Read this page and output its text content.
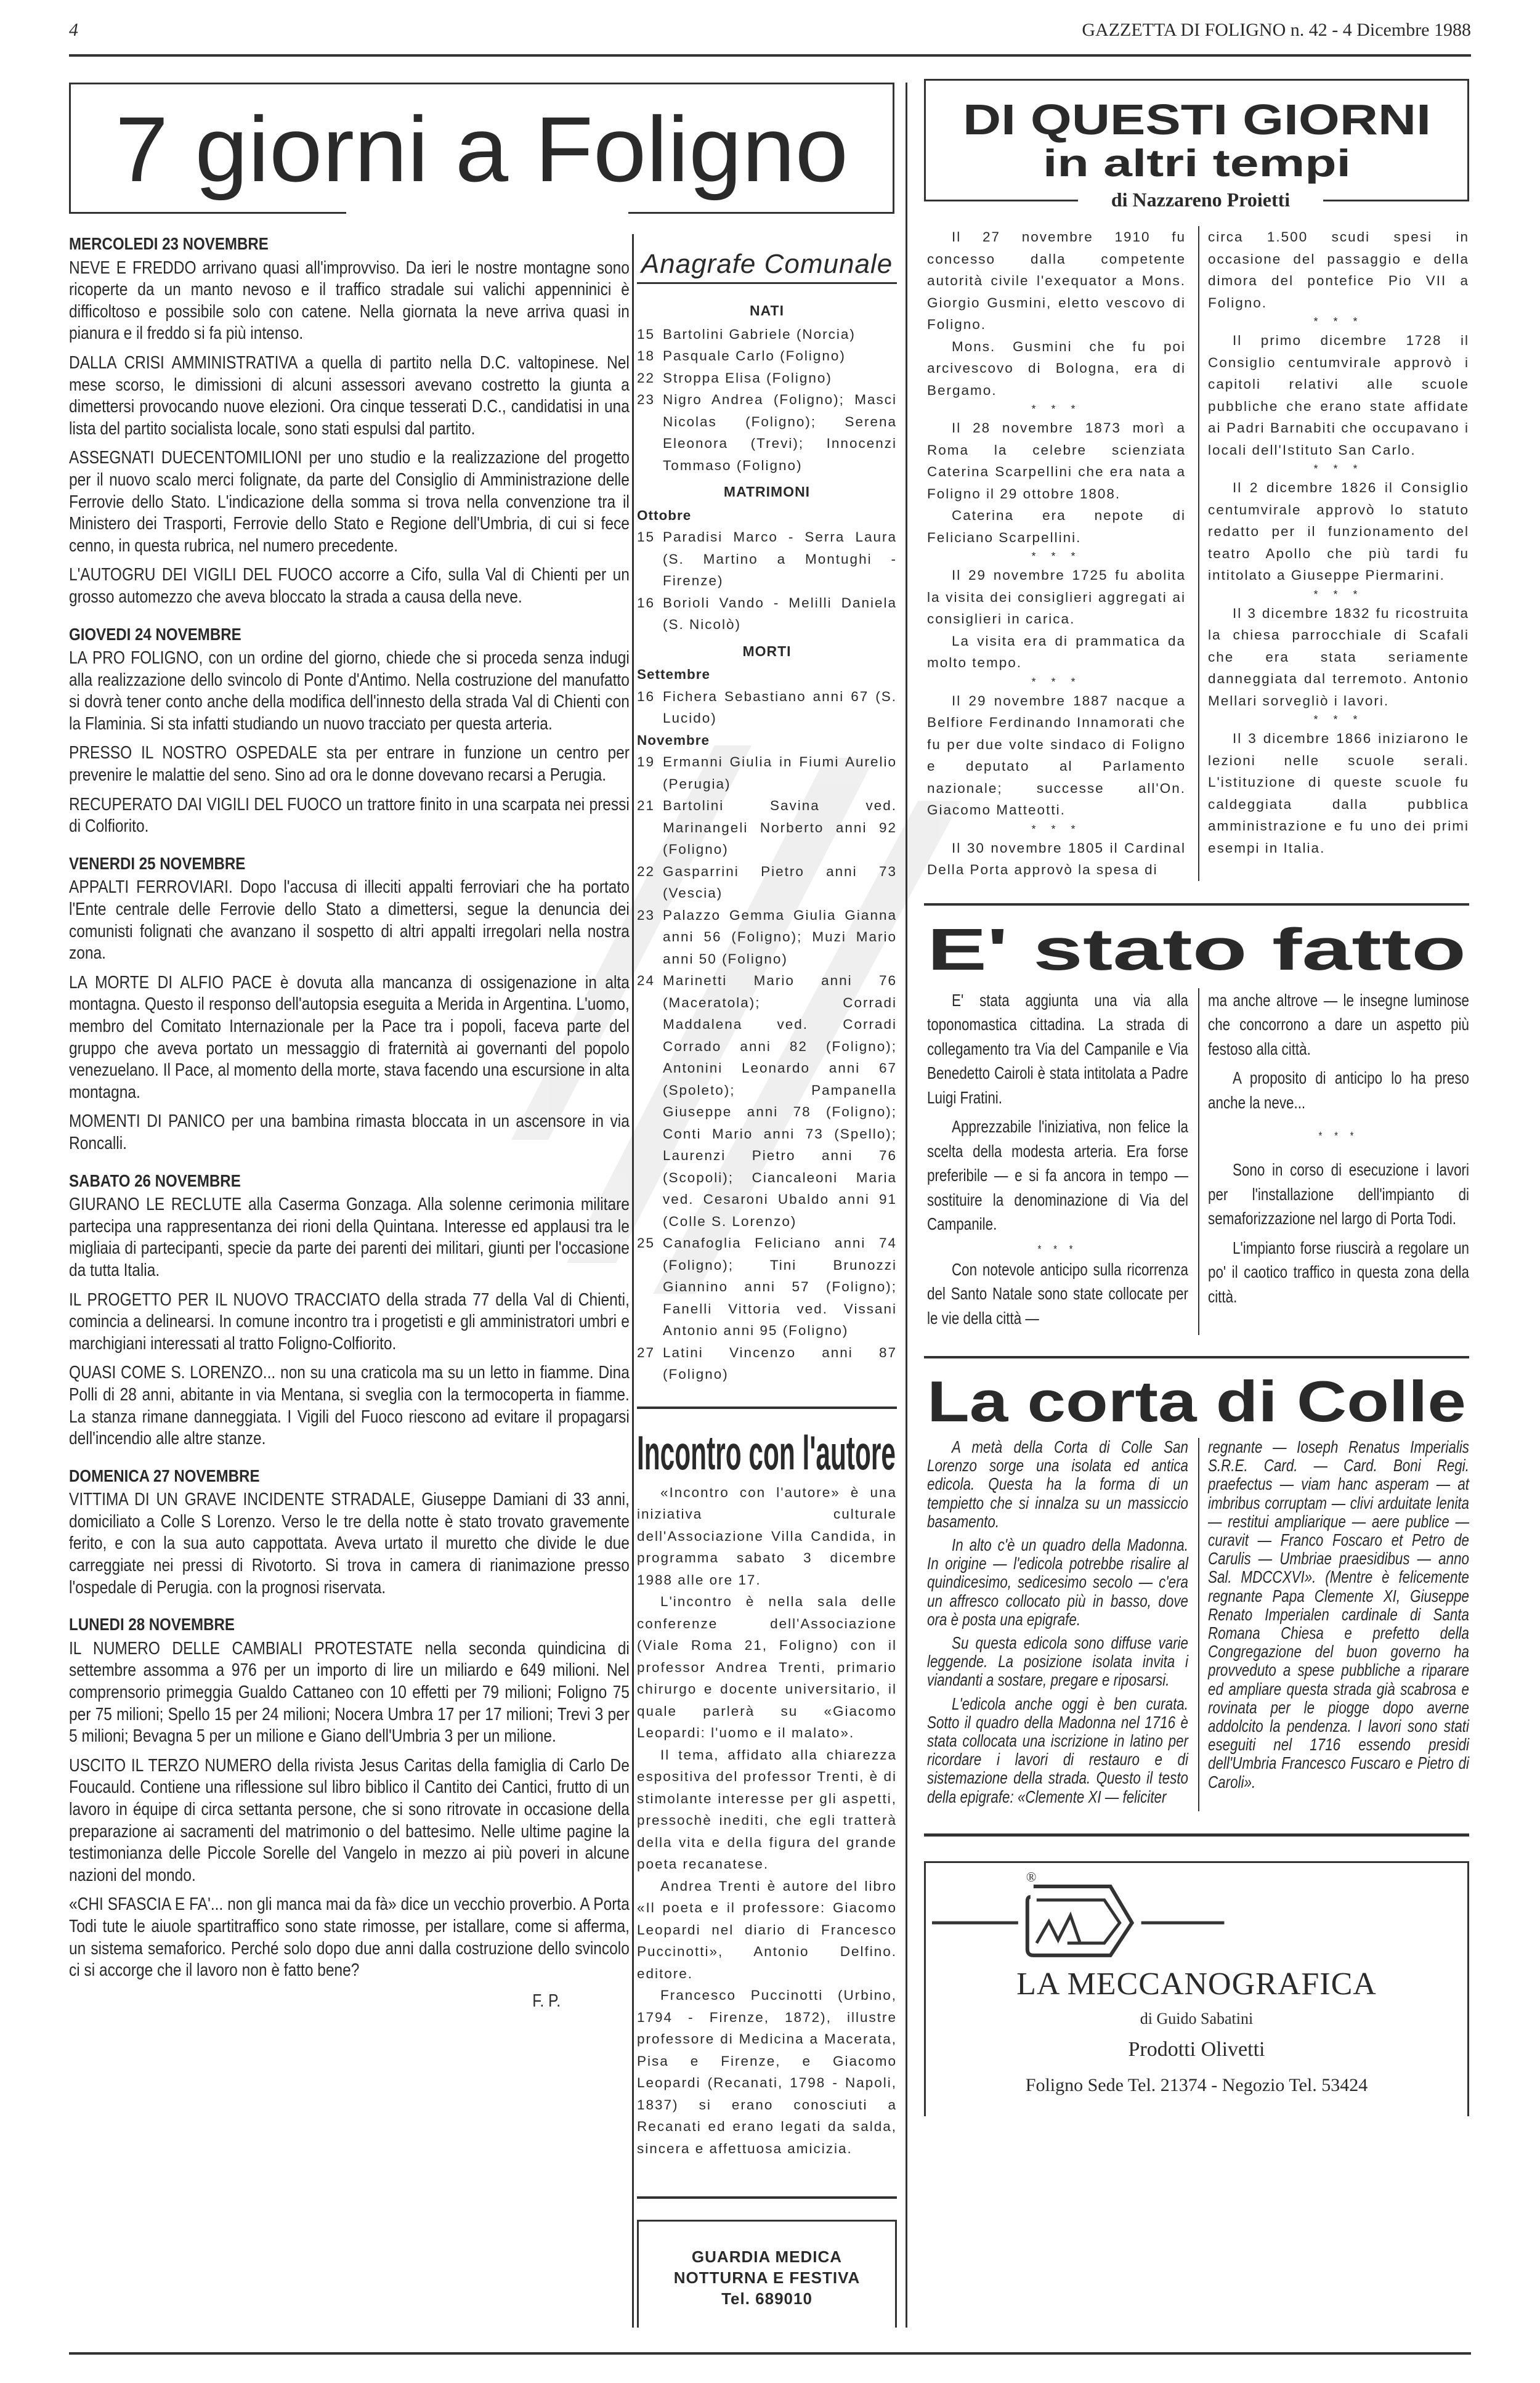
4	GAZZETTA DI FOLIGNO n. 42 - 4 Dicembre 1988
7 giorni a Foligno
MERCOLEDI 23 NOVEMBRE

NEVE E FREDDO arrivano quasi all'improvviso. Da ieri le nostre montagne sono ricoperte da un manto nevoso e il traffico stradale sui valichi appenninici è difficoltoso e possibile solo con catene. Nella giornata la neve arriva quasi in pianura e il freddo si fa più intenso.

DALLA CRISI AMMINISTRATIVA a quella di partito nella D.C. valtopinese. Nel mese scorso, le dimissioni di alcuni assessori avevano costretto la giunta a dimettersi provocando nuove elezioni. Ora cinque tesserati D.C., candidatisi in una lista del partito socialista locale, sono stati espulsi dal partito.

ASSEGNATI DUECENTOMILIONI per uno studio e la realizzazione del progetto per il nuovo scalo merci folignate, da parte del Consiglio di Amministrazione delle Ferrovie dello Stato. L'indicazione della somma si trova nella convenzione tra il Ministero dei Trasporti, Ferrovie dello Stato e Regione dell'Umbria, di cui si fece cenno, in questa rubrica, nel numero precedente.

L'AUTOGRU DEI VIGILI DEL FUOCO accorre a Cifo, sulla Val di Chienti per un grosso automezzo che aveva bloccato la strada a causa della neve.

GIOVEDI 24 NOVEMBRE

LA PRO FOLIGNO, con un ordine del giorno, chiede che si proceda senza indugi alla realizzazione dello svincolo di Ponte d'Antimo. Nella costruzione del manufatto si dovrà tener conto anche della modifica dell'innesto della strada Val di Chienti con la Flaminia. Si sta infatti studiando un nuovo tracciato per questa arteria.

PRESSO IL NOSTRO OSPEDALE sta per entrare in funzione un centro per prevenire le malattie del seno. Sino ad ora le donne dovevano recarsi a Perugia.

RECUPERATO DAI VIGILI DEL FUOCO un trattore finito in una scarpata nei pressi di Colfiorito.

VENERDI 25 NOVEMBRE

APPALTI FERROVIARI. Dopo l'accusa di illeciti appalti ferroviari che ha portato l'Ente centrale delle Ferrovie dello Stato a dimettersi, segue la denuncia dei comunisti folignati che avanzano il sospetto di altri appalti irregolari nella nostra zona.

LA MORTE DI ALFIO PACE è dovuta alla mancanza di ossigenazione in alta montagna. Questo il responso dell'autopsia eseguita a Merida in Argentina. L'uomo, membro del Comitato Internazionale per la Pace tra i popoli, faceva parte del gruppo che aveva portato un messaggio di fraternità ai governanti del popolo venezuelano. Il Pace, al momento della morte, stava facendo una escursione in alta montagna.

MOMENTI DI PANICO per una bambina rimasta bloccata in un ascensore in via Roncalli.

SABATO 26 NOVEMBRE

GIURANO LE RECLUTE alla Caserma Gonzaga. Alla solenne cerimonia militare partecipa una rappresentanza dei rioni della Quintana. Interesse ed applausi tra le migliaia di partecipanti, specie da parte dei parenti dei militari, giunti per l'occasione da tutta Italia.

IL PROGETTO PER IL NUOVO TRACCIATO della strada 77 della Val di Chienti, comincia a delinearsi. In comune incontro tra i progetisti e gli amministratori umbri e marchigiani interessati al tratto Foligno-Colfiorito.

QUASI COME S. LORENZO... non su una craticola ma su un letto in fiamme. Dina Polli di 28 anni, abitante in via Mentana, si sveglia con la termocoperta in fiamme. La stanza rimane danneggiata. I Vigili del Fuoco riescono ad evitare il propagarsi dell'incendio alle altre stanze.

DOMENICA 27 NOVEMBRE

VITTIMA DI UN GRAVE INCIDENTE STRADALE, Giuseppe Damiani di 33 anni, domiciliato a Colle S Lorenzo. Verso le tre della notte è stato trovato gravemente ferito, e con la sua auto cappottata. Aveva urtato il muretto che divide le due carreggiate nei pressi di Rivotorto. Si trova in camera di rianimazione presso l'ospedale di Perugia. con la prognosi riservata.

LUNEDI 28 NOVEMBRE

IL NUMERO DELLE CAMBIALI PROTESTATE nella seconda quindicina di settembre assomma a 976 per un importo di lire un miliardo e 649 milioni. Nel comprensorio primeggia Gualdo Cattaneo con 10 effetti per 79 milioni; Foligno 75 per 75 milioni; Spello 15 per 24 milioni; Nocera Umbra 17 per 17 milioni; Trevi 3 per 5 milioni; Bevagna 5 per un milione e Giano dell'Umbria 3 per un milione.

USCITO IL TERZO NUMERO della rivista Jesus Caritas della famiglia di Carlo De Foucauld. Contiene una riflessione sul libro biblico il Cantito dei Cantici, frutto di un lavoro in équipe di circa settanta persone, che si sono ritrovate in occasione della preparazione ai sacramenti del matrimonio o del battesimo. Nelle ultime pagine la testimonianza delle Piccole Sorelle del Vangelo in mezzo ai più poveri in alcune nazioni del mondo.

«CHI SFASCIA E FA'... non gli manca mai da fà» dice un vecchio proverbio. A Porta Todi tute le aiuole spartitraffico sono state rimosse, per istallare, come si afferma, un sistema semaforico. Perché solo dopo due anni dalla costruzione dello svincolo ci si accorge che il lavoro non è fatto bene?

F. P.
Anagrafe Comunale
NATI
15 Bartolini Gabriele (Norcia)
18 Pasquale Carlo (Foligno)
22 Stroppa Elisa (Foligno)
23 Nigro Andrea (Foligno); Masci Nicolas (Foligno); Serena Eleonora (Trevi); Innocenzi Tommaso (Foligno)
MATRIMONI
Ottobre
15 Paradisi Marco - Serra Laura (S. Martino a Montughi - Firenze)
16 Borioli Vando - Melilli Daniela (S. Nicolò)
MORTI
Settembre
16 Fichera Sebastiano anni 67 (S. Lucido)
Novembre
19 Ermanni Giulia in Fiumi Aurelio (Perugia)
21 Bartolini Savina ved. Marinangeli Norberto anni 92 (Foligno)
22 Gasparrini Pietro anni 73 (Vescia)
23 Palazzo Gemma Giulia Gianna anni 56 (Foligno); Muzi Mario anni 50 (Foligno)
24 Marinetti Mario anni 76 (Maceratola); Corradi Maddalena ved. Corradi Corrado anni 82 (Foligno); Antonini Leonardo anni 67 (Spoleto); Pampanella Giuseppe anni 78 (Foligno); Conti Mario anni 73 (Spello); Laurenzi Pietro anni 76 (Scopoli); Ciancaleoni Maria ved. Cesaroni Ubaldo anni 91 (Colle S. Lorenzo)
25 Canafoglia Feliciano anni 74 (Foligno); Tini Brunozzi Giannino anni 57 (Foligno); Fanelli Vittoria ved. Vissani Antonio anni 95 (Foligno)
27 Latini Vincenzo anni 87 (Foligno)
Incontro con l'autore

«Incontro con l'autore» è una iniziativa culturale dell'Associazione Villa Candida, in programma sabato 3 dicembre 1988 alle ore 17.

L'incontro è nella sala delle conferenze dell'Associazione (Viale Roma 21, Foligno) con il professor Andrea Trenti, primario chirurgo e docente universitario, il quale parlerà su «Giacomo Leopardi: l'uomo e il malato».

Il tema, affidato alla chiarezza espositiva del professor Trenti, è di stimolante interesse per gli aspetti, pressochè inediti, che egli tratterà della vita e della figura del grande poeta recanatese.

Andrea Trenti è autore del libro «Il poeta e il professore: Giacomo Leopardi nel diario di Francesco Puccinotti», Antonio Delfino. editore.

Francesco Puccinotti (Urbino, 1794 - Firenze, 1872), illustre professore di Medicina a Macerata, Pisa e Firenze, e Giacomo Leopardi (Recanati, 1798 - Napoli, 1837) si erano conosciuti a Recanati ed erano legati da salda, sincera e affettuosa amicizia.

GUARDIA MEDICA
NOTTURNA E FESTIVA
Tel. 689010
DI QUESTI GIORNI
in altri tempi
di Nazzareno Proietti

Il 27 novembre 1910 fu concesso dalla competente autorità civile l'exequator a Mons. Giorgio Gusmini, eletto vescovo di Foligno.

Mons. Gusmini che fu poi arcivescovo di Bologna, era di Bergamo.

* * *

Il 28 novembre 1873 morì a Roma la celebre scienziata Caterina Scarpellini che era nata a Foligno il 29 ottobre 1808.

Caterina era nepote di Feliciano Scarpellini.

* * *

Il 29 novembre 1725 fu abolita la visita dei consiglieri aggregati ai consiglieri in carica.

La visita era di prammatica da molto tempo.

* * *

Il 29 novembre 1887 nacque a Belfiore Ferdinando Innamorati che fu per due volte sindaco di Foligno e deputato al Parlamento nazionale; successe all'On. Giacomo Matteotti.

* * *

Il 30 novembre 1805 il Cardinal Della Porta approvò la spesa di

circa 1.500 scudi spesi in occasione del passaggio e della dimora del pontefice Pio VII a Foligno.

* * *

Il primo dicembre 1728 il Consiglio centumvirale approvò i capitoli relativi alle scuole pubbliche che erano state affidate ai Padri Barnabiti che occupavano i locali dell'Istituto San Carlo.

* * *

Il 2 dicembre 1826 il Consiglio centumvirale approvò lo statuto redatto per il funzionamento del teatro Apollo che più tardi fu intitolato a Giuseppe Piermarini.

* * *

Il 3 dicembre 1832 fu ricostruita la chiesa parrocchiale di Scafali che era stata seriamente danneggiata dal terremoto. Antonio Mellari sorvegliò i lavori.

* * *

Il 3 dicembre 1866 iniziarono le lezioni nelle scuole serali. L'istituzione di queste scuole fu caldeggiata dalla pubblica amministrazione e fu uno dei primi esempi in Italia.

E' stato fatto

E' stata aggiunta una via alla toponomastica cittadina. La strada di collegamento tra Via del Campanile e Via Benedetto Cairoli è stata intitolata a Padre Luigi Fratini.

Apprezzabile l'iniziativa, non felice la scelta della modesta arteria. Era forse preferibile — e si fa ancora in tempo — sostituire la denominazione di Via del Campanile.

* * *

Con notevole anticipo sulla ricorrenza del Santo Natale sono state collocate per le vie della città —

ma anche altrove — le insegne luminose che concorrono a dare un aspetto più festoso alla città.

A proposito di anticipo lo ha preso anche la neve...

* * *

Sono in corso di esecuzione i lavori per l'installazione dell'impianto di semaforizzazione nel largo di Porta Todi.

L'impianto forse riuscirà a regolare un po' il caotico traffico in questa zona della città.

La corta di Colle

A metà della Corta di Colle San Lorenzo sorge una isolata ed antica edicola. Questa ha la forma di un tempietto che si innalza su un massiccio basamento.

In alto c'è un quadro della Madonna. In origine — l'edicola potrebbe risalire al quindicesimo, sedicesimo secolo — c'era un affresco collocato più in basso, dove ora è posta una epigrafe.

Su questa edicola sono diffuse varie leggende. La posizione isolata invita i viandanti a sostare, pregare e riposarsi.

L'edicola anche oggi è ben curata. Sotto il quadro della Madonna nel 1716 è stata collocata una iscrizione in latino per ricordare i lavori di restauro e di sistemazione della strada. Questo il testo della epigrafe: «Clemente XI — feliciter

regnante — Ioseph Renatus Imperialis S.R.E. Card. — Card. Boni Regi. praefectus — viam hanc asperam — at imbribus corruptam — clivi arduitate lenita — restitui ampliarique — aere publice — curavit — Franco Foscaro et Petro de Carulis — Umbriae praesidibus — anno Sal. MDCCXVI». (Mentre è felicemente regnante Papa Clemente XI, Giuseppe Renato Imperialen cardinale di Santa Romana Chiesa e prefetto della Congregazione del buon governo ha provveduto a spese pubbliche a riparare ed ampliare questa strada già scabrosa e rovinata per le piogge dopo averne addolcito la pendenza. I lavori sono stati eseguiti nel 1716 essendo presidi dell'Umbria Francesco Fuscaro e Pietro di Caroli».

®
LA MECCANOGRAFICA
di Guido Sabatini
Prodotti Olivetti
Foligno Sede Tel. 21374 - Negozio Tel. 53424
